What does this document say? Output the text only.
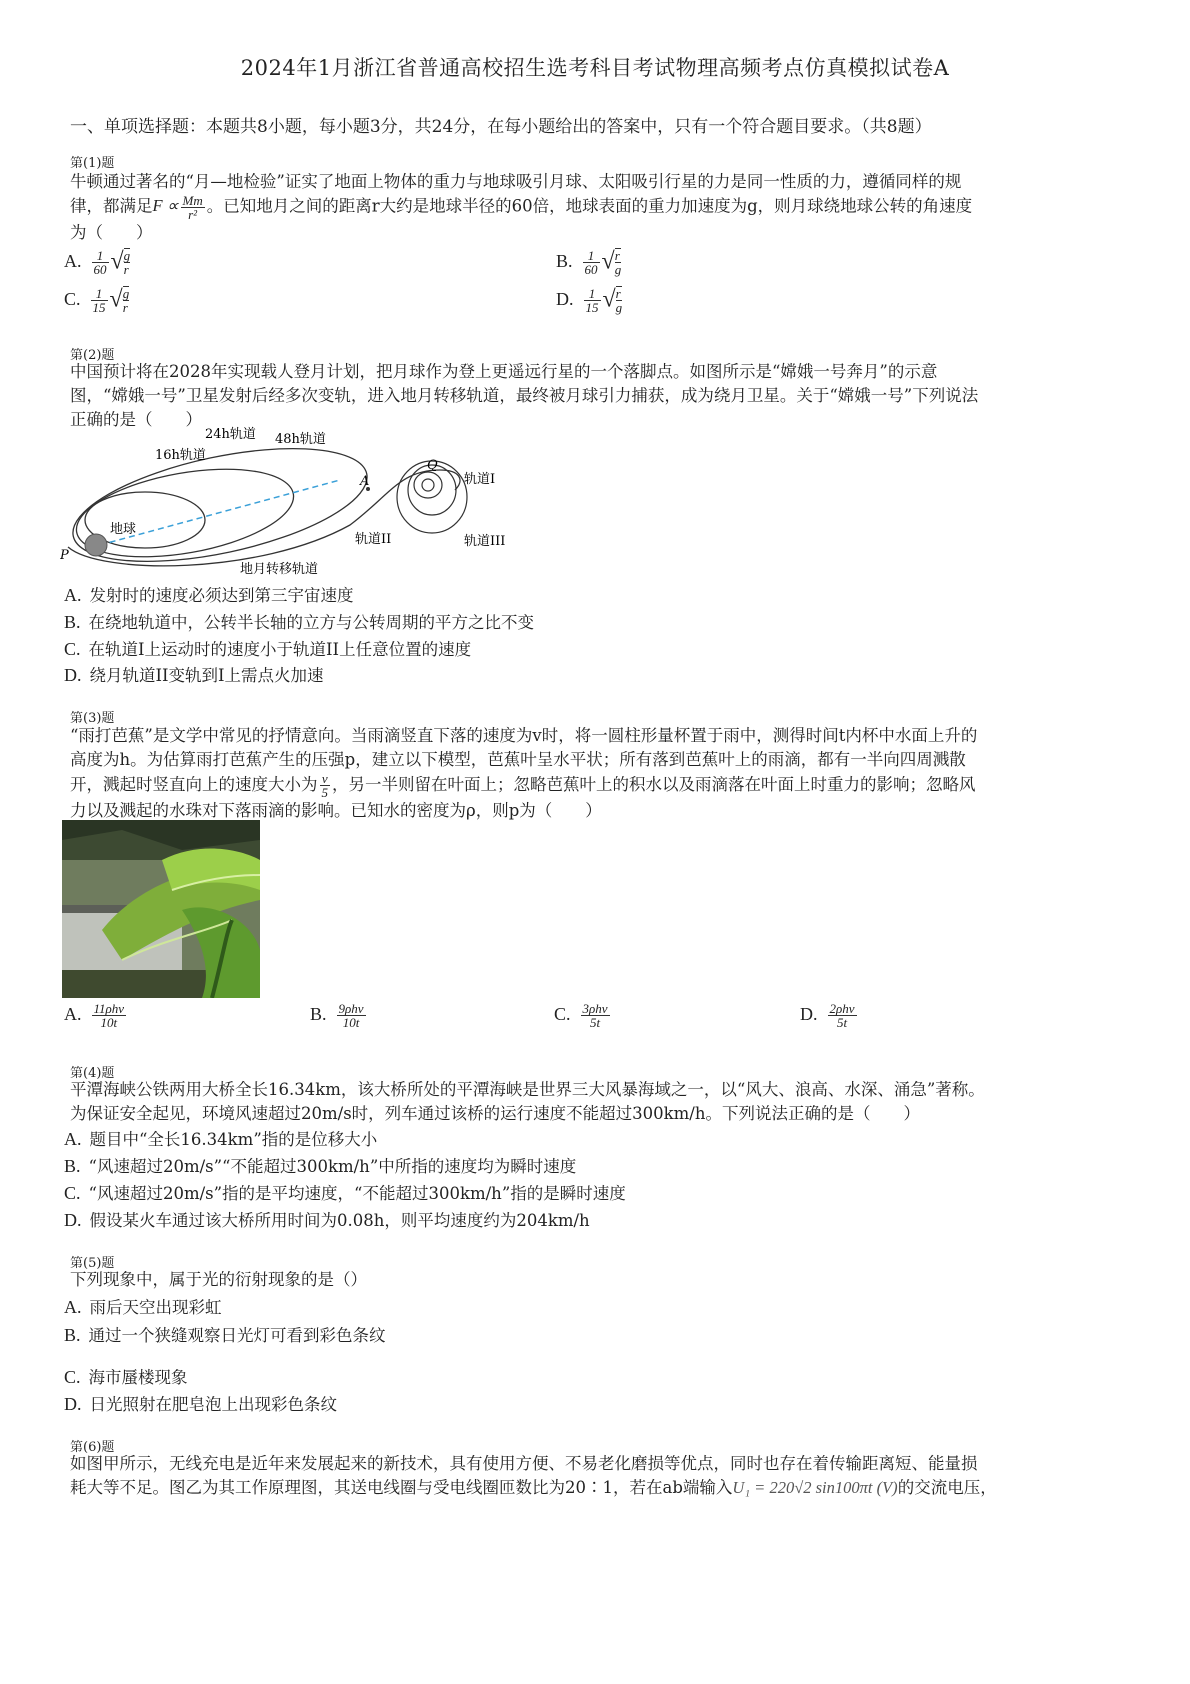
2024年1月浙江省普通高校招生选考科目考试物理高频考点仿真模拟试卷A
一、单项选择题：本题共8小题，每小题3分，共24分，在每小题给出的答案中，只有一个符合题目要求。（共8题）
第(1)题
牛顿通过著名的“月—地检验”证实了地面上物体的重力与地球吸引月球、太阳吸引行星的力是同一性质的力，遵循同样的规
律，都满足$F \propto \frac{Mm}{\text{r²}}$ 。已知地月之间的距离r大约是地球半径的60倍，地球表面的重力加速度为g，则月球绕地球公转的角速度
为（　　）
A. $\frac{1}{60}$ √ $\frac{g}{r}$	B. $\frac{1}{60}$ √ $\frac{r}{g}$
C. $\frac{1}{15}$ √ $\frac{g}{r}$	D. $\frac{1}{15}$ √ $\frac{r}{g}$
第(2)题
中国预计将在2028年实现载人登月计划，把月球作为登上更遥远行星的一个落脚点。如图所示是“嫦娥一号奔月”的示意
图，“嫦娥一号”卫星发射后经多次变轨，进入地月转移轨道，最终被月球引力捕获，成为绕月卫星。关于“嫦娥一号”下列说法
正确的是（　　）
16h轨道
24h轨道 48h轨道
地球
P
A
Q
轨道I
轨道II	轨道III
地月转移轨道
A. 发射时的速度必须达到第三宇宙速度
B. 在绕地轨道中，公转半长轴的立方与公转周期的平方之比不变
C. 在轨道I上运动时的速度小于轨道II上任意位置的速度
D. 绕月轨道II变轨到I上需点火加速
第(3)题
“雨打芭蕉”是文学中常见的抒情意向。当雨滴竖直下落的速度为v时，将一圆柱形量杯置于雨中，测得时间t内杯中水面上升的
高度为h。为估算雨打芭蕉产生的压强p，建立以下模型，芭蕉叶呈水平状；所有落到芭蕉叶上的雨滴，都有一半向四周溅散
开，溅起时竖直向上的速度大小为 $\frac{v}{5}$ ，另一半则留在叶面上；忽略芭蕉叶上的积水以及雨滴落在叶面上时重力的影响；忽略风
力以及溅起的水珠对下落雨滴的影响。已知水的密度为ρ，则p为（　　）
A. $\frac{\text{11ρhv}}{10t}$	B. $\frac{\text{9ρhv}}{10t}$	C. $\frac{\text{3ρhv}}{5t}$	D. $\frac{\text{2ρhv}}{5t}$
第(4)题
平潭海峡公铁两用大桥全长16.34km，该大桥所处的平潭海峡是世界三大风暴海域之一，以“风大、浪高、水深、涌急”著称。
为保证安全起见，环境风速超过20m/s时，列车通过该桥的运行速度不能超过300km/h。下列说法正确的是（　　）
A. 题目中“全长16.34km”指的是位移大小
B. “风速超过20m/s”“不能超过300km/h”中所指的速度均为瞬时速度
C. “风速超过20m/s”指的是平均速度，“不能超过300km/h”指的是瞬时速度
D. 假设某火车通过该大桥所用时间为0.08h，则平均速度约为204km/h
第(5)题
下列现象中，属于光的衍射现象的是（）
A. 雨后天空出现彩虹
B. 通过一个狭缝观察日光灯可看到彩色条纹
C. 海市蜃楼现象
D. 日光照射在肥皂泡上出现彩色条纹
第(6)题
如图甲所示，无线充电是近年来发展起来的新技术，具有使用方便、不易老化磨损等优点，同时也存在着传输距离短、能量损
耗大等不足。图乙为其工作原理图，其送电线圈与受电线圈匝数比为20∶1，若在ab端输入U₁ = 220√2 sin100πt (V)的交流电压，
